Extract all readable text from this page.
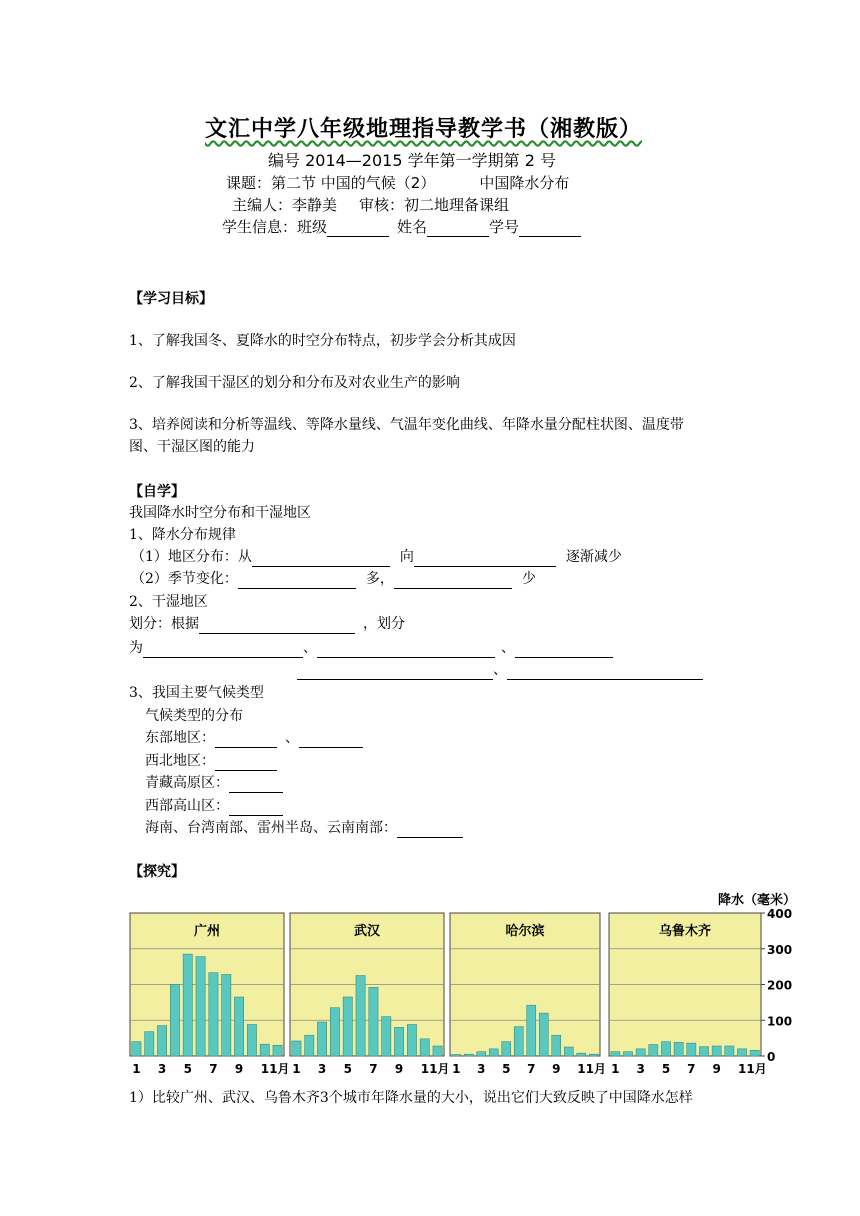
文汇中学八年级地理指导教学书（湘教版）
编号 2014—2015 学年第一学期第 2 号
课题：第二节 中国的气候（2）	中国降水分布
主编人：李静美 审核：初二地理备课组
学生信息：班级	姓名	学号
【学习目标】
1、了解我国冬、夏降水的时空分布特点，初步学会分析其成因
2、了解我国干湿区的划分和分布及对农业生产的影响
3、培养阅读和分析等温线、等降水量线、气温年变化曲线、年降水量分配柱状图、温度带
图、干湿区图的能力
【自学】
我国降水时空分布和干湿地区
1、降水分布规律
（1）地区分布：从	向	逐渐减少
（2）季节变化：	多，	少
2、干湿地区
划分：根据	，划分
为	、	、
、
3、我国主要气候类型
气候类型的分布
东部地区：	、
西北地区：
青藏高原区：
西部高山区：
海南、台湾南部、雷州半岛、云南南部：
【探究】
降水（毫米）
广州
1 3 5 7 9 11月
武汉
1 3 5 7 9 11月
哈尔滨
1 3 5 7 9 11月
乌鲁木齐
1 3 5 7 9 11月
400
300
200
100
0
1）比较广州、武汉、乌鲁木齐3个城市年降水量的大小，说出它们大致反映了中国降水怎样
